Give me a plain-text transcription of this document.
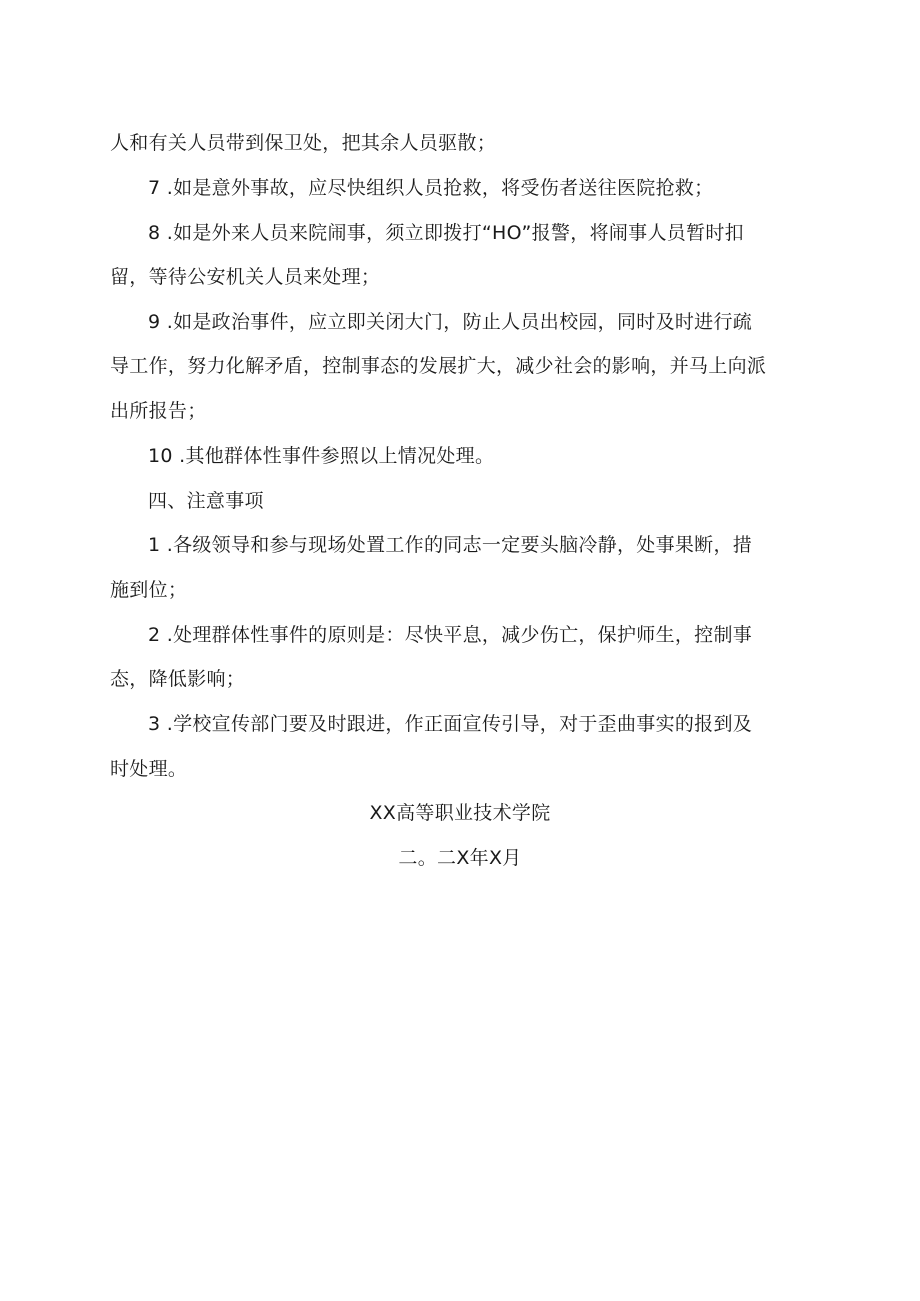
人和有关人员带到保卫处，把其余人员驱散；
7 .如是意外事故，应尽快组织人员抢救，将受伤者送往医院抢救；
8 .如是外来人员来院闹事，须立即拨打“HO”报警，将闹事人员暂时扣
留，等待公安机关人员来处理；
9 .如是政治事件，应立即关闭大门，防止人员出校园，同时及时进行疏
导工作，努力化解矛盾，控制事态的发展扩大，减少社会的影响，并马上向派
出所报告；
10 .其他群体性事件参照以上情况处理。
四、注意事项
1 .各级领导和参与现场处置工作的同志一定要头脑冷静，处事果断，措
施到位；
2 .处理群体性事件的原则是：尽快平息，减少伤亡，保护师生，控制事
态，降低影响；
3 .学校宣传部门要及时跟进，作正面宣传引导，对于歪曲事实的报到及
时处理。
XX高等职业技术学院
二。二X年X月
